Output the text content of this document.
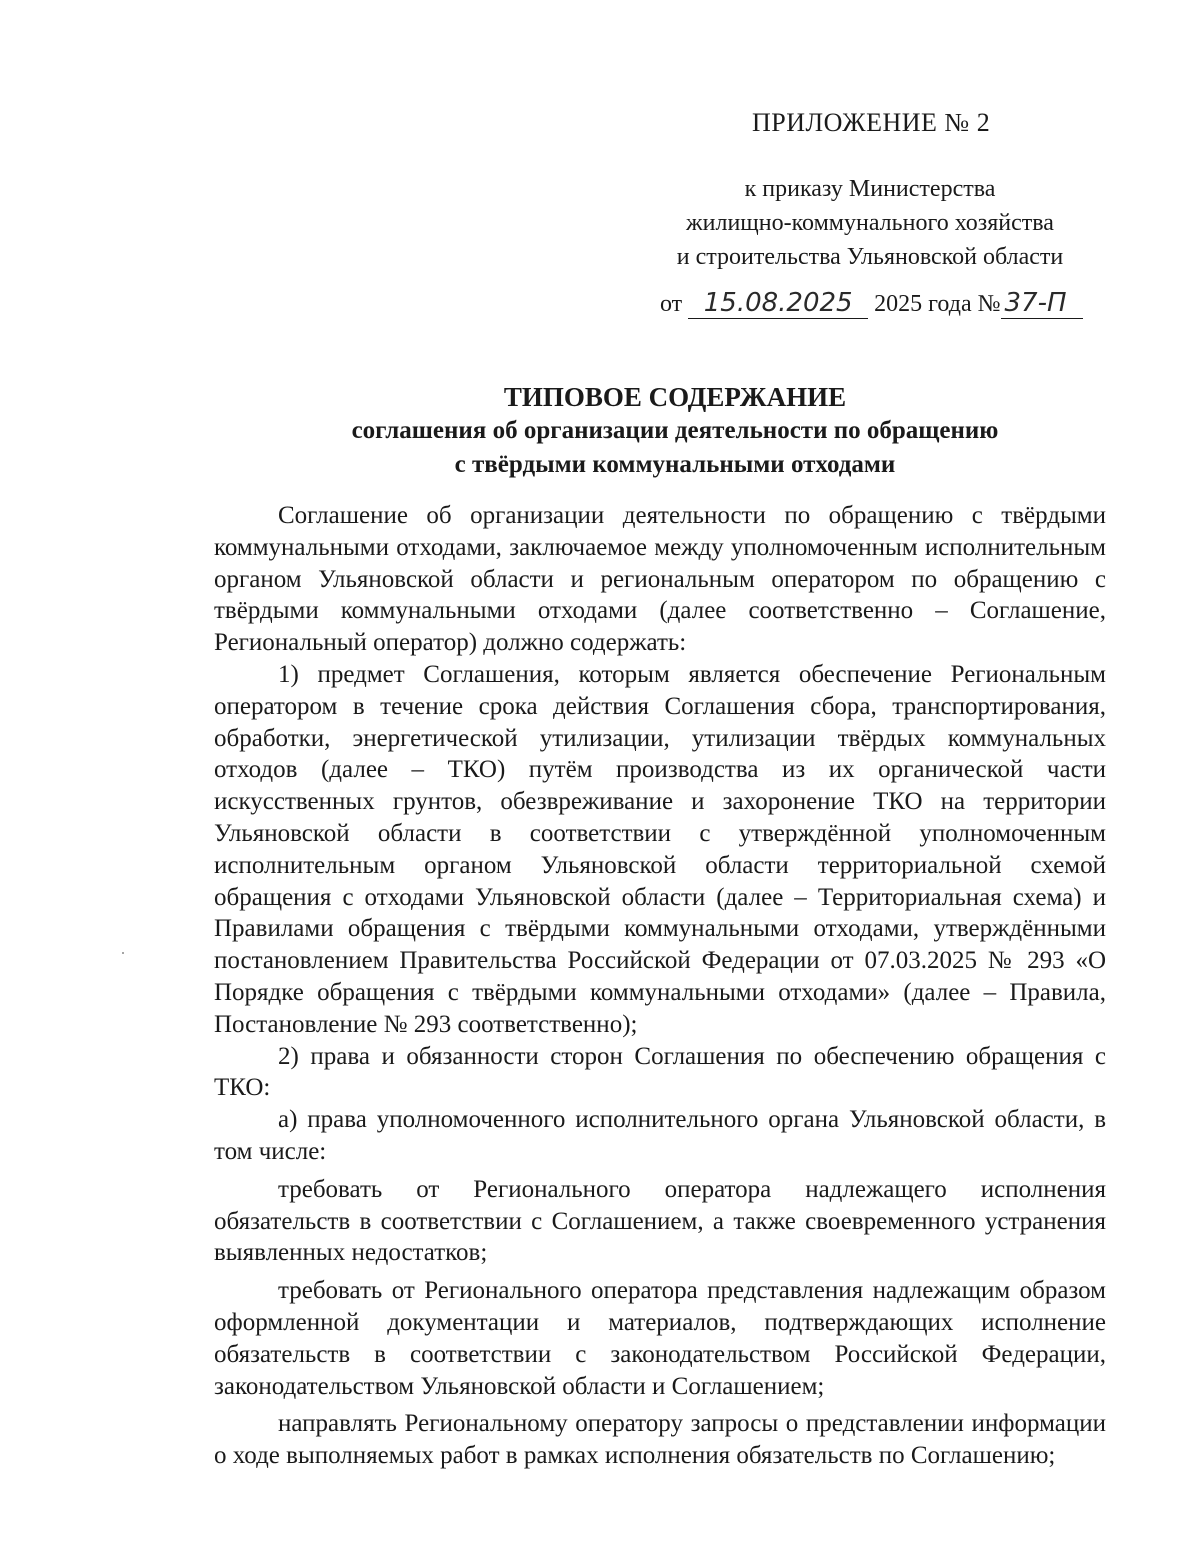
ПРИЛОЖЕНИЕ № 2
к приказу Министерства
жилищно-коммунального хозяйства
и строительства Ульяновской области
от 15.08.2025 2025 года № 37-П
ТИПОВОЕ СОДЕРЖАНИЕ
соглашения об организации деятельности по обращению
с твёрдыми коммунальными отходами

Соглашение об организации деятельности по обращению с твёрдыми коммунальными отходами, заключаемое между уполномоченным исполнительным органом Ульяновской области и региональным оператором по обращению с твёрдыми коммунальными отходами (далее соответственно – Соглашение, Региональный оператор) должно содержать:

1) предмет Соглашения, которым является обеспечение Региональным оператором в течение срока действия Соглашения сбора, транспортирования, обработки, энергетической утилизации, утилизации твёрдых коммунальных отходов (далее – ТКО) путём производства из их органической части искусственных грунтов, обезвреживание и захоронение ТКО на территории Ульяновской области в соответствии с утверждённой уполномоченным исполнительным органом Ульяновской области территориальной схемой обращения с отходами Ульяновской области (далее – Территориальная схема) и Правилами обращения с твёрдыми коммунальными отходами, утверждёнными постановлением Правительства Российской Федерации от 07.03.2025 № 293 «О Порядке обращения с твёрдыми коммунальными отходами» (далее – Правила, Постановление № 293 соответственно);

2) права и обязанности сторон Соглашения по обеспечению обращения с ТКО:

а) права уполномоченного исполнительного органа Ульяновской области, в том числе:

требовать от Регионального оператора надлежащего исполнения обязательств в соответствии с Соглашением, а также своевременного устранения выявленных недостатков;

требовать от Регионального оператора представления надлежащим образом оформленной документации и материалов, подтверждающих исполнение обязательств в соответствии с законодательством Российской Федерации, законодательством Ульяновской области и Соглашением;

направлять Региональному оператору запросы о представлении информации о ходе выполняемых работ в рамках исполнения обязательств по Соглашению;
